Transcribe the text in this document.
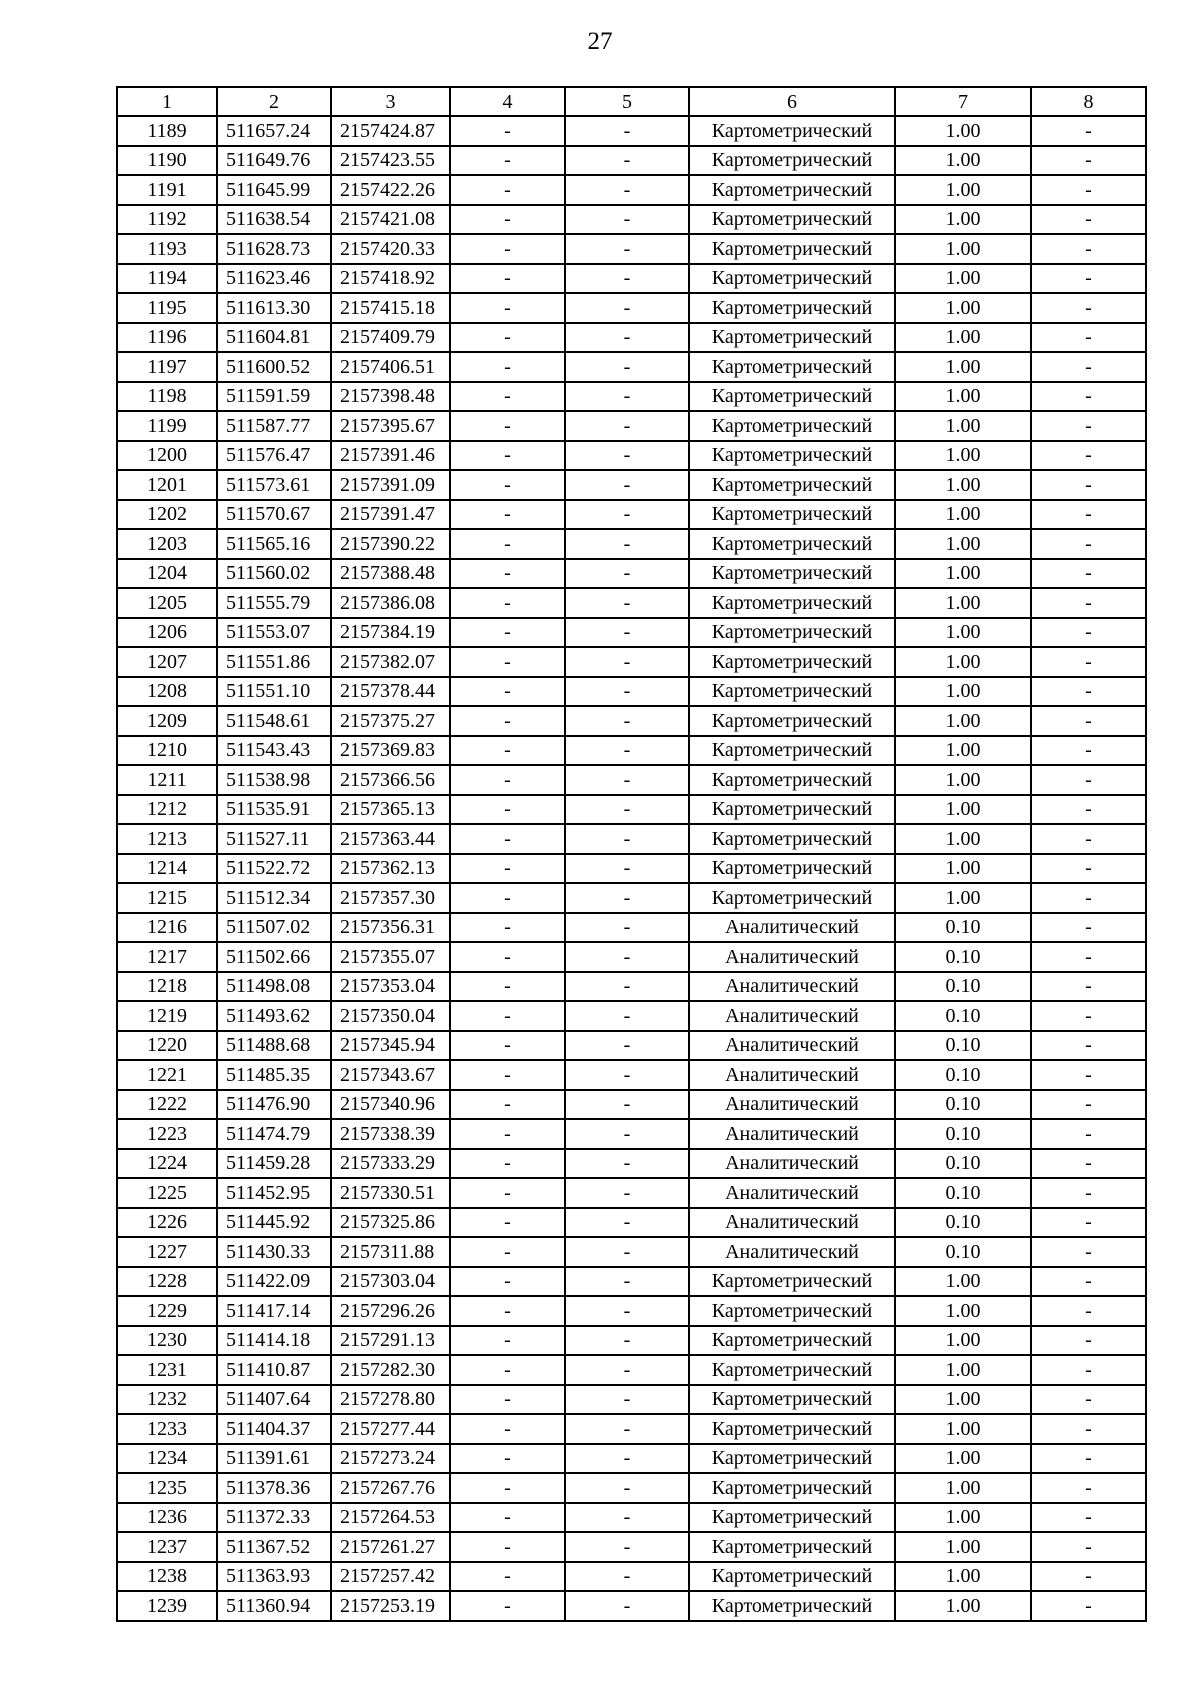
27
1	2	3	4	5	6	7	8
1189	511657.24	2157424.87	-	-	Картометрический	1.00	-
1190	511649.76	2157423.55	-	-	Картометрический	1.00	-
1191	511645.99	2157422.26	-	-	Картометрический	1.00	-
1192	511638.54	2157421.08	-	-	Картометрический	1.00	-
1193	511628.73	2157420.33	-	-	Картометрический	1.00	-
1194	511623.46	2157418.92	-	-	Картометрический	1.00	-
1195	511613.30	2157415.18	-	-	Картометрический	1.00	-
1196	511604.81	2157409.79	-	-	Картометрический	1.00	-
1197	511600.52	2157406.51	-	-	Картометрический	1.00	-
1198	511591.59	2157398.48	-	-	Картометрический	1.00	-
1199	511587.77	2157395.67	-	-	Картометрический	1.00	-
1200	511576.47	2157391.46	-	-	Картометрический	1.00	-
1201	511573.61	2157391.09	-	-	Картометрический	1.00	-
1202	511570.67	2157391.47	-	-	Картометрический	1.00	-
1203	511565.16	2157390.22	-	-	Картометрический	1.00	-
1204	511560.02	2157388.48	-	-	Картометрический	1.00	-
1205	511555.79	2157386.08	-	-	Картометрический	1.00	-
1206	511553.07	2157384.19	-	-	Картометрический	1.00	-
1207	511551.86	2157382.07	-	-	Картометрический	1.00	-
1208	511551.10	2157378.44	-	-	Картометрический	1.00	-
1209	511548.61	2157375.27	-	-	Картометрический	1.00	-
1210	511543.43	2157369.83	-	-	Картометрический	1.00	-
1211	511538.98	2157366.56	-	-	Картометрический	1.00	-
1212	511535.91	2157365.13	-	-	Картометрический	1.00	-
1213	511527.11	2157363.44	-	-	Картометрический	1.00	-
1214	511522.72	2157362.13	-	-	Картометрический	1.00	-
1215	511512.34	2157357.30	-	-	Картометрический	1.00	-
1216	511507.02	2157356.31	-	-	Аналитический	0.10	-
1217	511502.66	2157355.07	-	-	Аналитический	0.10	-
1218	511498.08	2157353.04	-	-	Аналитический	0.10	-
1219	511493.62	2157350.04	-	-	Аналитический	0.10	-
1220	511488.68	2157345.94	-	-	Аналитический	0.10	-
1221	511485.35	2157343.67	-	-	Аналитический	0.10	-
1222	511476.90	2157340.96	-	-	Аналитический	0.10	-
1223	511474.79	2157338.39	-	-	Аналитический	0.10	-
1224	511459.28	2157333.29	-	-	Аналитический	0.10	-
1225	511452.95	2157330.51	-	-	Аналитический	0.10	-
1226	511445.92	2157325.86	-	-	Аналитический	0.10	-
1227	511430.33	2157311.88	-	-	Аналитический	0.10	-
1228	511422.09	2157303.04	-	-	Картометрический	1.00	-
1229	511417.14	2157296.26	-	-	Картометрический	1.00	-
1230	511414.18	2157291.13	-	-	Картометрический	1.00	-
1231	511410.87	2157282.30	-	-	Картометрический	1.00	-
1232	511407.64	2157278.80	-	-	Картометрический	1.00	-
1233	511404.37	2157277.44	-	-	Картометрический	1.00	-
1234	511391.61	2157273.24	-	-	Картометрический	1.00	-
1235	511378.36	2157267.76	-	-	Картометрический	1.00	-
1236	511372.33	2157264.53	-	-	Картометрический	1.00	-
1237	511367.52	2157261.27	-	-	Картометрический	1.00	-
1238	511363.93	2157257.42	-	-	Картометрический	1.00	-
1239	511360.94	2157253.19	-	-	Картометрический	1.00	-
